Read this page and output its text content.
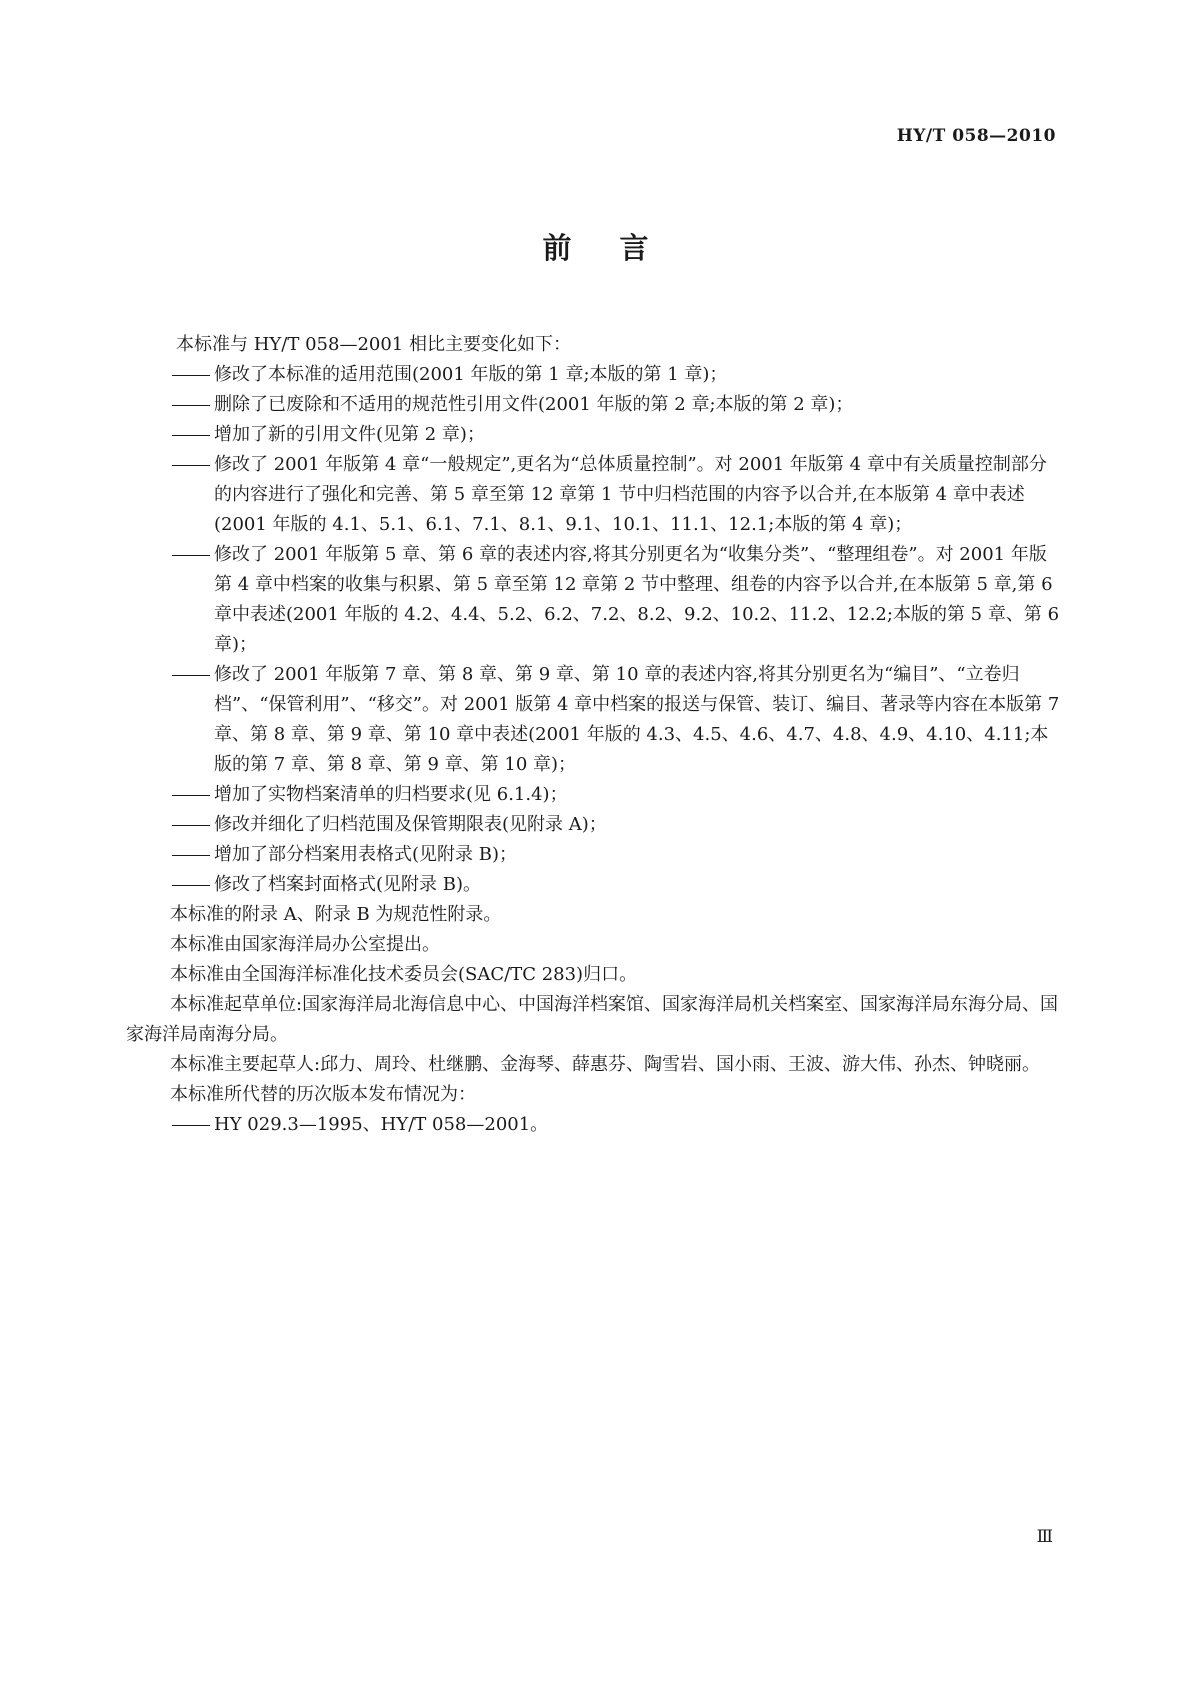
HY/T 058—2010
前言

本标准与 HY/T 058—2001 相比主要变化如下：

修改了本标准的适用范围(2001 年版的第 1 章;本版的第 1 章)；

删除了已废除和不适用的规范性引用文件(2001 年版的第 2 章;本版的第 2 章)；

增加了新的引用文件(见第 2 章)；

修改了 2001 年版第 4 章“一般规定”,更名为“总体质量控制”。对 2001 年版第 4 章中有关质量控制部分的内容进行了强化和完善、第 5 章至第 12 章第 1 节中归档范围的内容予以合并,在本版第 4 章中表述(2001 年版的 4.1、5.1、6.1、7.1、8.1、9.1、10.1、11.1、12.1;本版的第 4 章)；

修改了 2001 年版第 5 章、第 6 章的表述内容,将其分别更名为“收集分类”、“整理组卷”。对 2001 年版第 4 章中档案的收集与积累、第 5 章至第 12 章第 2 节中整理、组卷的内容予以合并,在本版第 5 章,第 6 章中表述(2001 年版的 4.2、4.4、5.2、6.2、7.2、8.2、9.2、10.2、11.2、12.2;本版的第 5 章、第 6 章)；

修改了 2001 年版第 7 章、第 8 章、第 9 章、第 10 章的表述内容,将其分别更名为“编目”、“立卷归档”、“保管利用”、“移交”。对 2001 版第 4 章中档案的报送与保管、装订、编目、著录等内容在本版第 7 章、第 8 章、第 9 章、第 10 章中表述(2001 年版的 4.3、4.5、4.6、4.7、4.8、4.9、4.10、4.11;本版的第 7 章、第 8 章、第 9 章、第 10 章)；

增加了实物档案清单的归档要求(见 6.1.4)；

修改并细化了归档范围及保管期限表(见附录 A)；

增加了部分档案用表格式(见附录 B)；

修改了档案封面格式(见附录 B)。

本标准的附录 A、附录 B 为规范性附录。

本标准由国家海洋局办公室提出。

本标准由全国海洋标准化技术委员会(SAC/TC 283)归口。

本标准起草单位:国家海洋局北海信息中心、中国海洋档案馆、国家海洋局机关档案室、国家海洋局东海分局、国家海洋局南海分局。

本标准主要起草人:邱力、周玲、杜继鹏、金海琴、薛惠芬、陶雪岩、国小雨、王波、游大伟、孙杰、钟晓丽。

本标准所代替的历次版本发布情况为：

HY 029.3—1995、HY/T 058—2001。

Ⅲ
